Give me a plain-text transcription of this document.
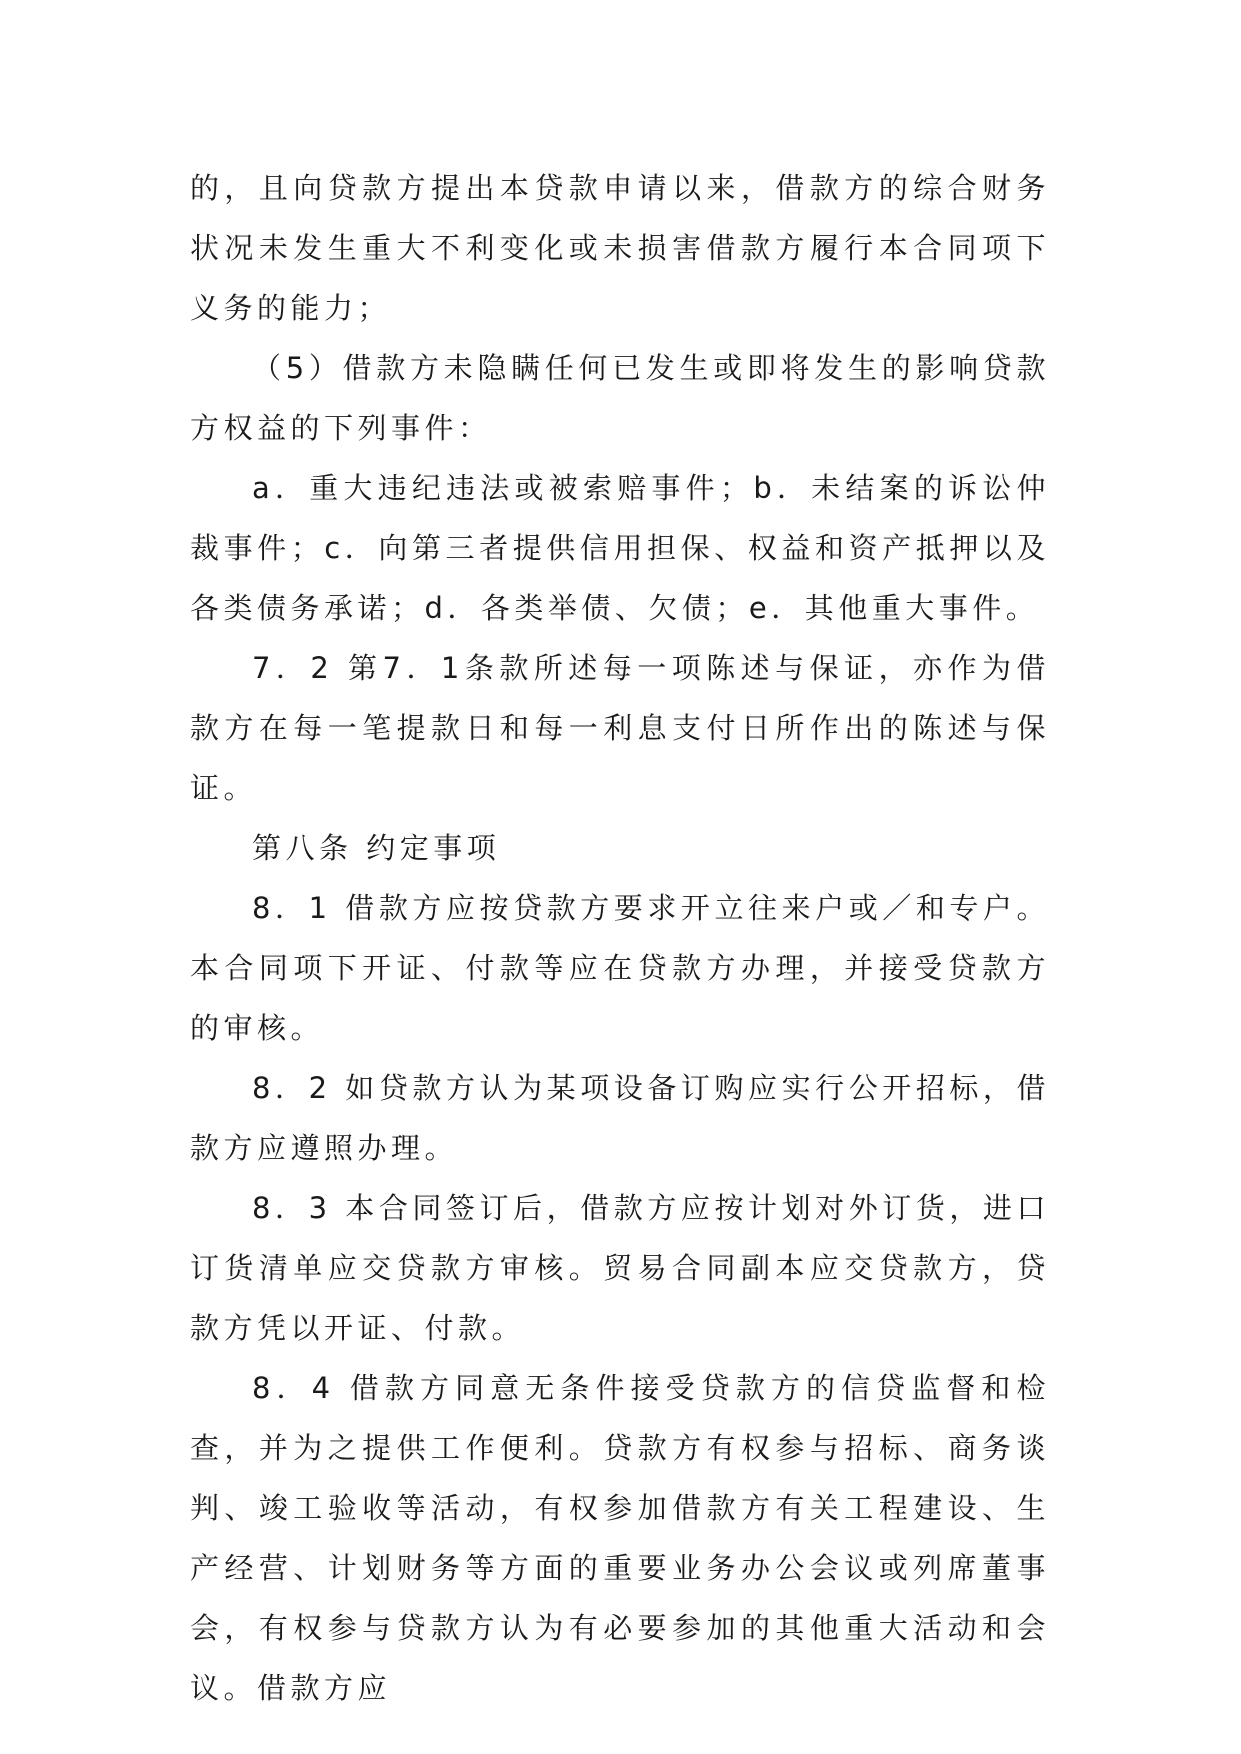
的，且向贷款方提出本贷款申请以来，借款方的综合财务状况未发生重大不利变化或未损害借款方履行本合同项下义务的能力；

（5）借款方未隐瞒任何已发生或即将发生的影响贷款方权益的下列事件：

a．重大违纪违法或被索赔事件；b．未结案的诉讼仲裁事件；c．向第三者提供信用担保、权益和资产抵押以及各类债务承诺；d．各类举债、欠债；e．其他重大事件。

7．2 第7．1条款所述每一项陈述与保证，亦作为借款方在每一笔提款日和每一利息支付日所作出的陈述与保证。

第八条 约定事项

8．1 借款方应按贷款方要求开立往来户或／和专户。本合同项下开证、付款等应在贷款方办理，并接受贷款方的审核。

8．2 如贷款方认为某项设备订购应实行公开招标，借款方应遵照办理。

8．3 本合同签订后，借款方应按计划对外订货，进口订货清单应交贷款方审核。贸易合同副本应交贷款方，贷款方凭以开证、付款。

8．4 借款方同意无条件接受贷款方的信贷监督和检查，并为之提供工作便利。贷款方有权参与招标、商务谈判、竣工验收等活动，有权参加借款方有关工程建设、生产经营、计划财务等方面的重要业务办公会议或列席董事会，有权参与贷款方认为有必要参加的其他重大活动和会议。借款方应
